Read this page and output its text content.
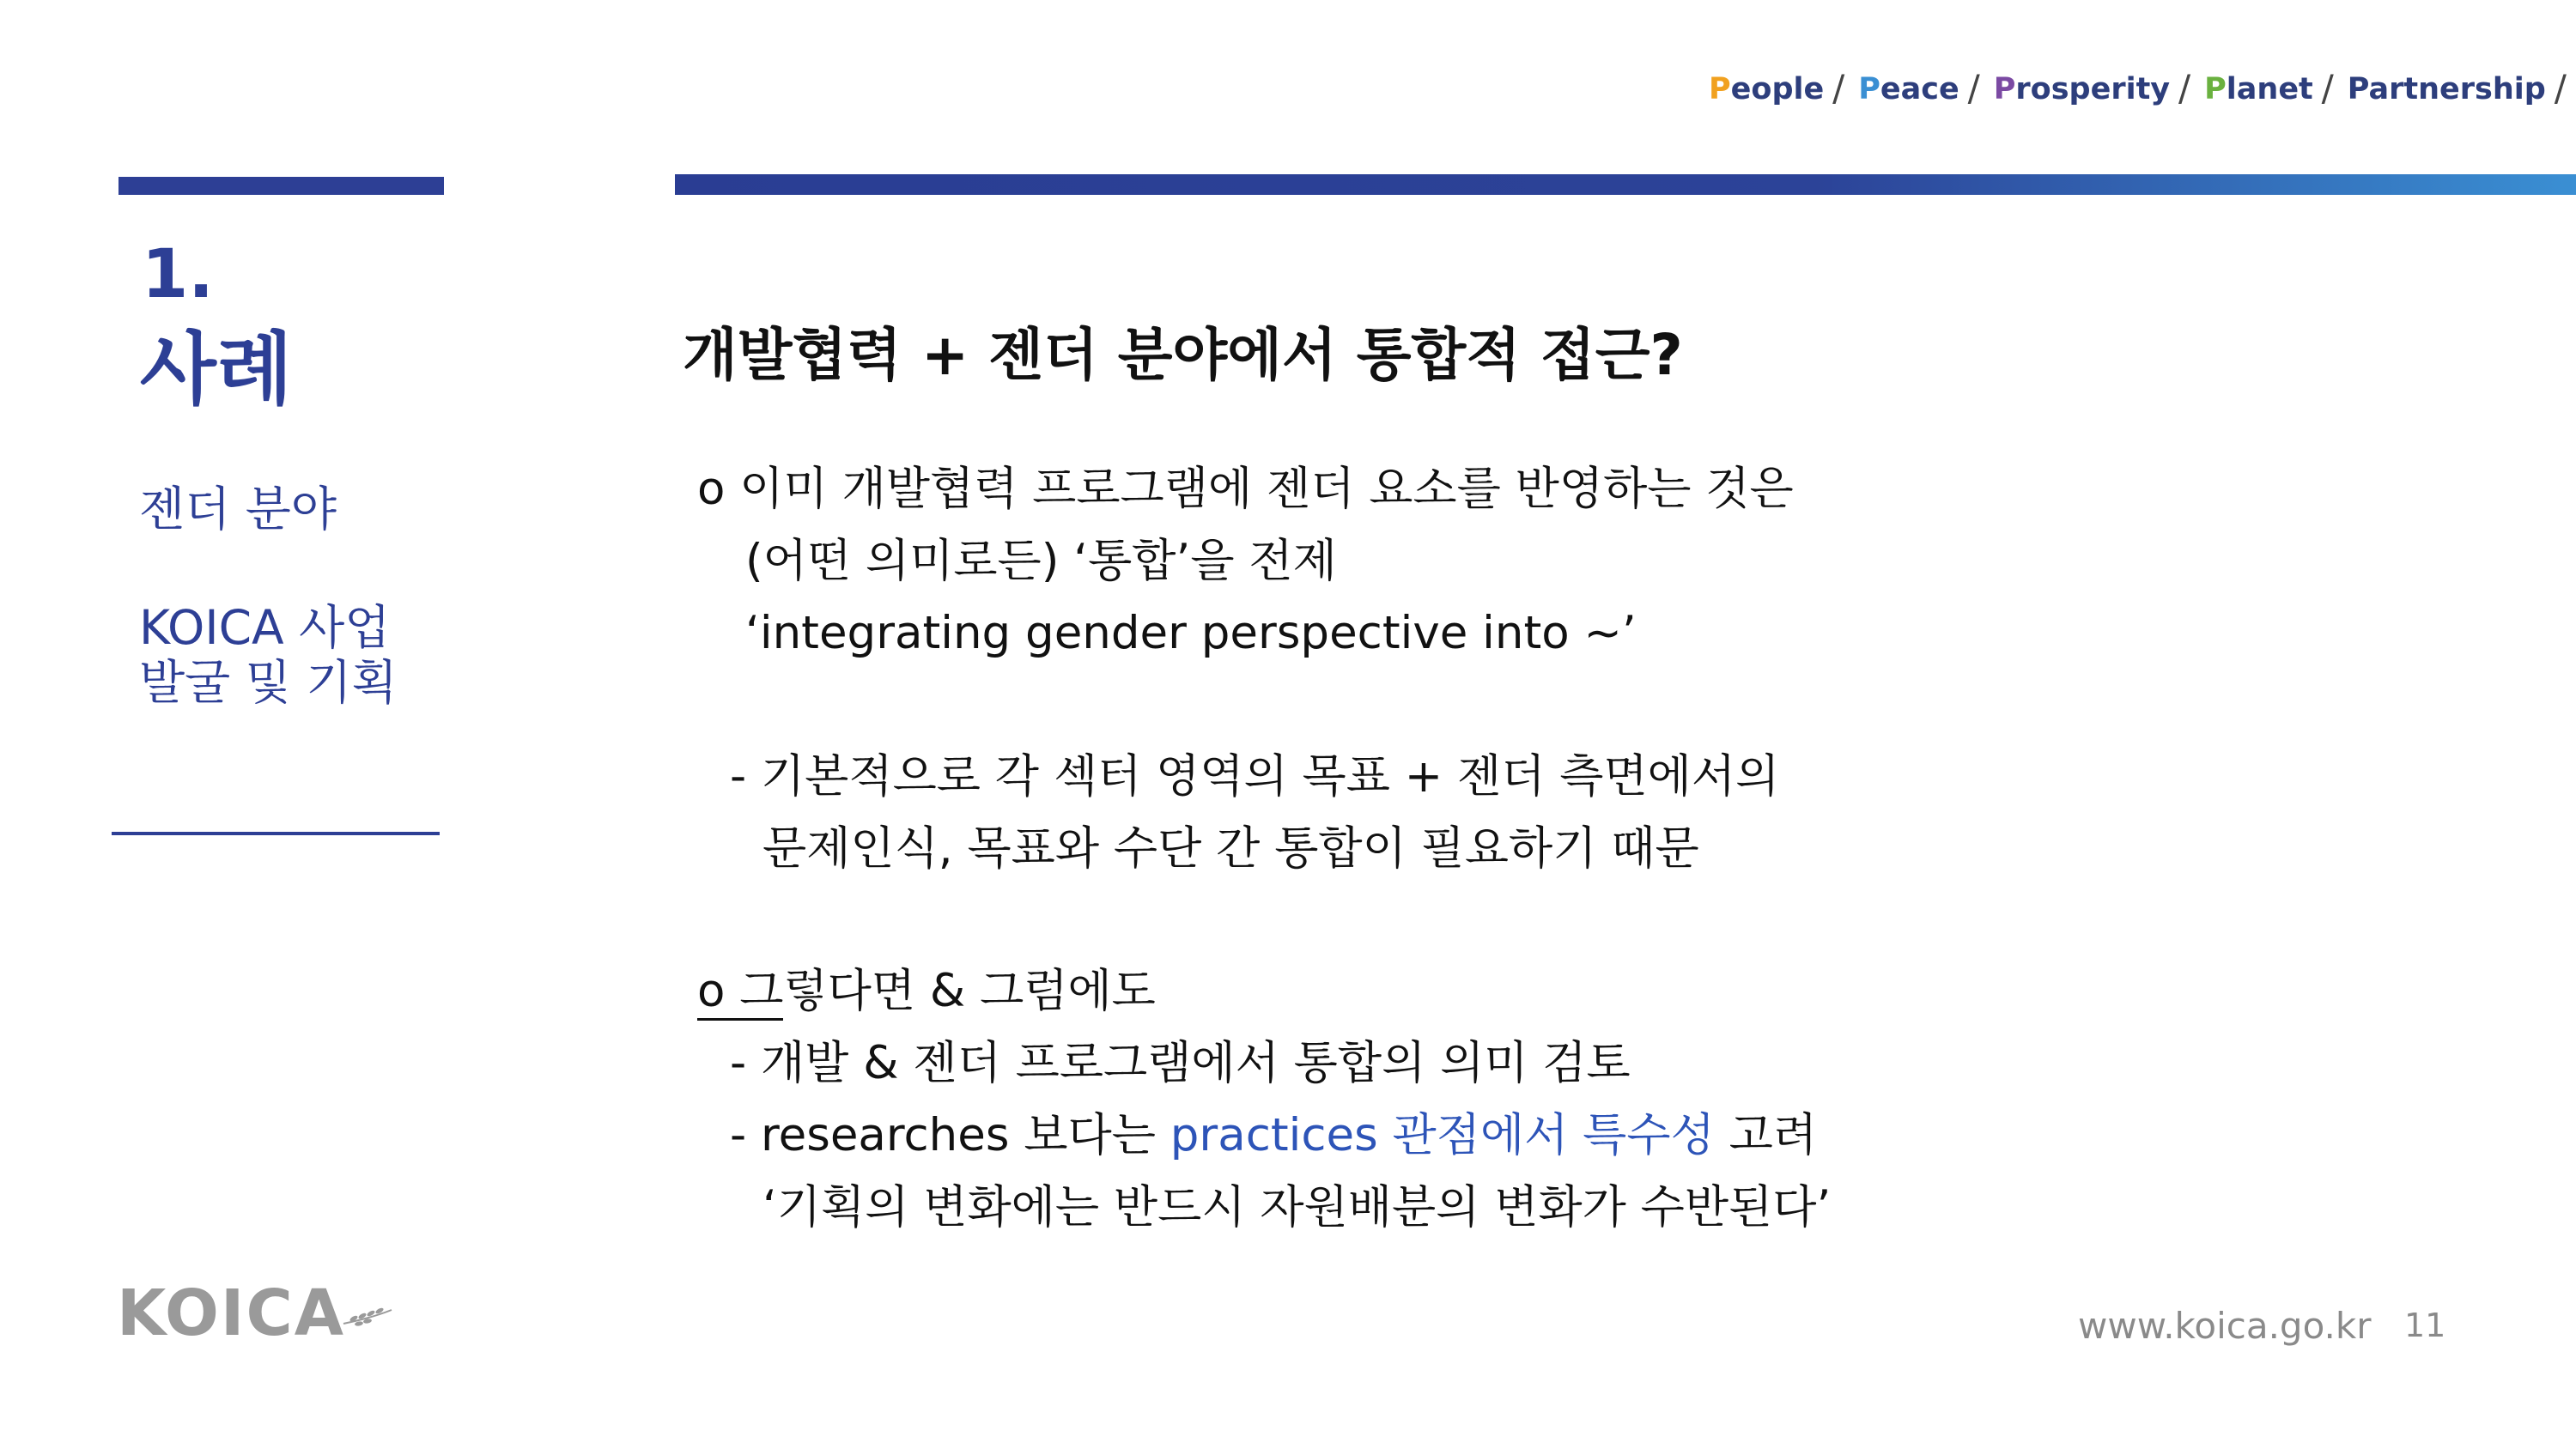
People / Peace / Prosperity / Planet / Partnership /
1.
사례
젠더 분야
KOICA 사업
발굴 및 기획
개발협력 + 젠더 분야에서 통합적 접근?
o 이미 개발협력 프로그램에 젠더 요소를 반영하는 것은
(어떤 의미로든) ‘통합’을 전제
‘integrating gender perspective into ~’
- 기본적으로 각 섹터 영역의 목표 + 젠더 측면에서의
문제인식, 목표와 수단 간 통합이 필요하기 때문
o 그렇다면 & 그럼에도
- 개발 & 젠더 프로그램에서 통합의 의미 검토
- researches 보다는 practices 관점에서 특수성 고려
‘기획의 변화에는 반드시 자원배분의 변화가 수반된다’
KOICA	www.koica.go.kr 11
